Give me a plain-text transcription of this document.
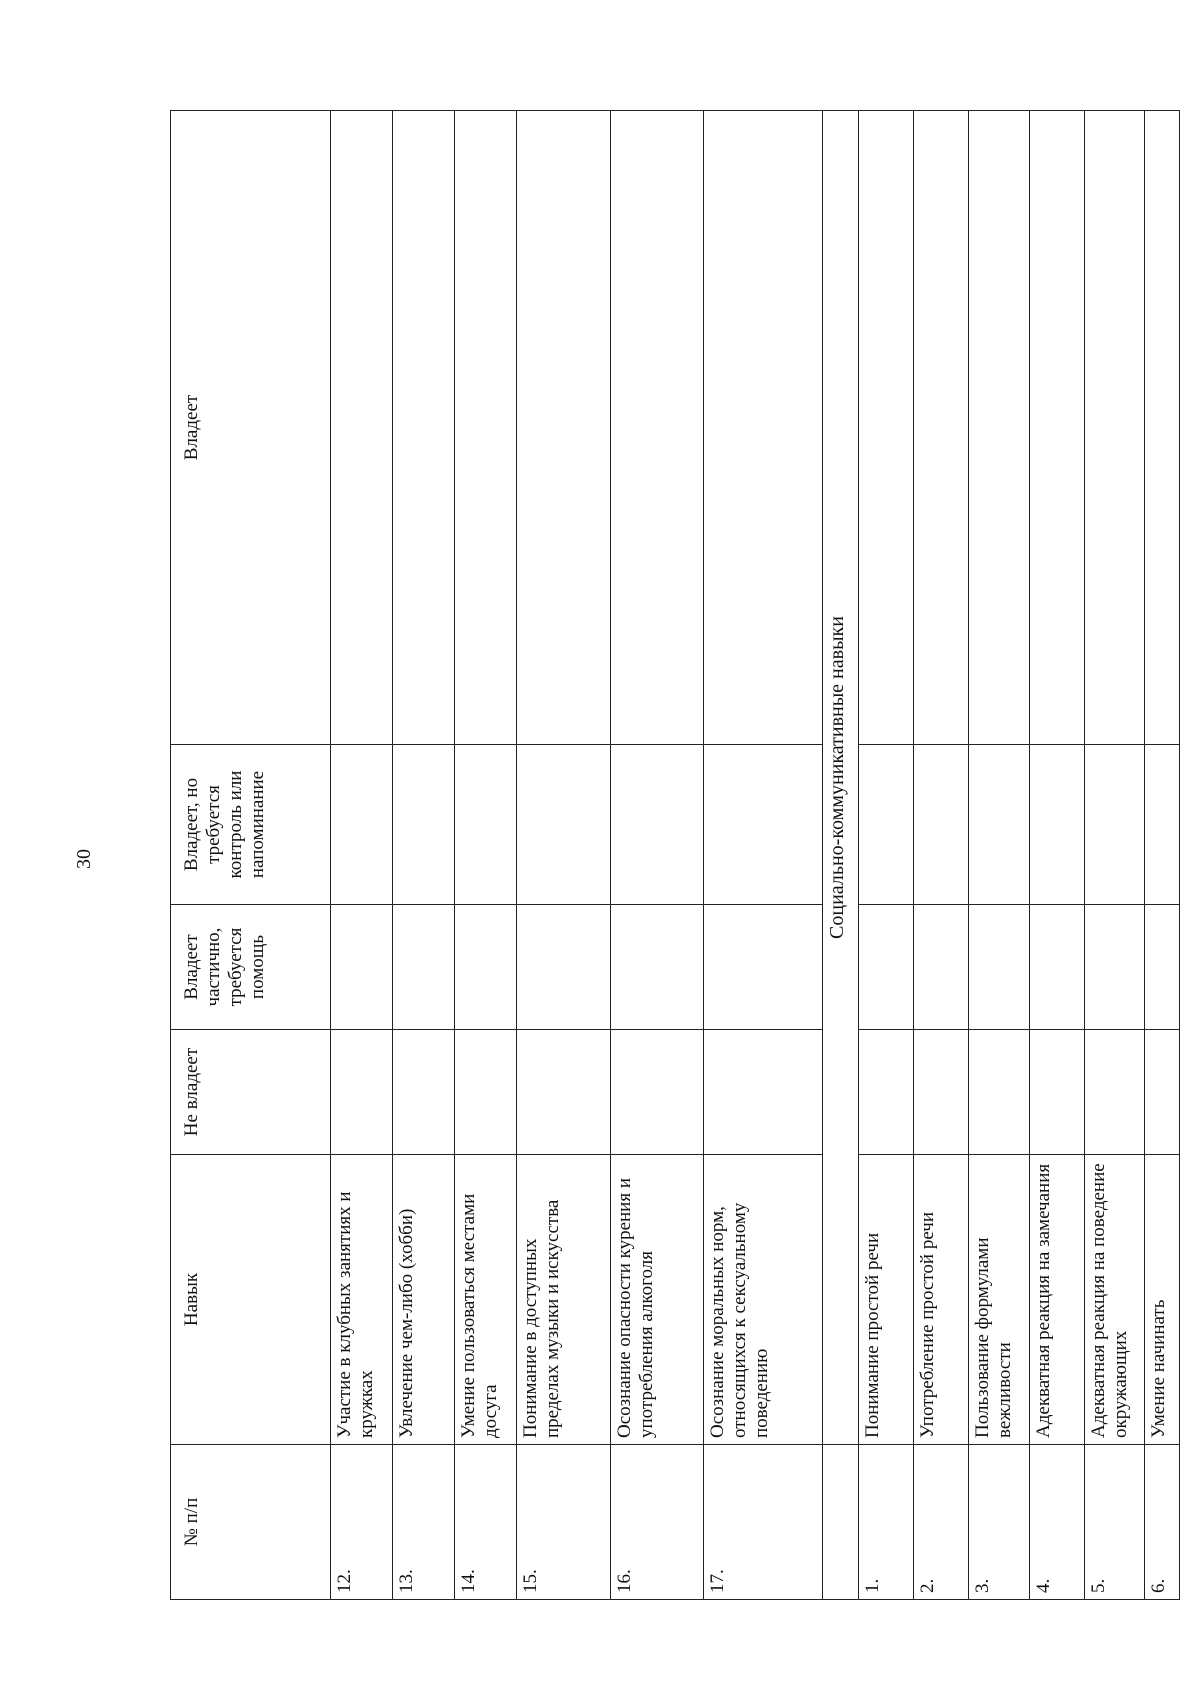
30
№ п/п	Навык	Не владеет	Владеет частично, требуется помощь	Владеет, но требуется контроль или напоминание	Владеет
12.	Участие в клубных занятиях и кружках				
13.	Увлечение чем-либо (хобби)				
14.	Умение пользоваться местами досуга				
15.	Понимание в доступных пределах музыки и искусства				
16.	Осознание опасности курения и употребления алкоголя				
17.	Осознание моральных норм, относящихся к сексуальному поведению				
	Социально-коммуникативные навыки				
1.	Понимание простой речи				
2.	Употребление простой речи				
3.	Пользование формулами вежливости				
4.	Адекватная реакция на замечания				
5.	Адекватная реакция на поведение окружающих				
6.	Умение начинать				
